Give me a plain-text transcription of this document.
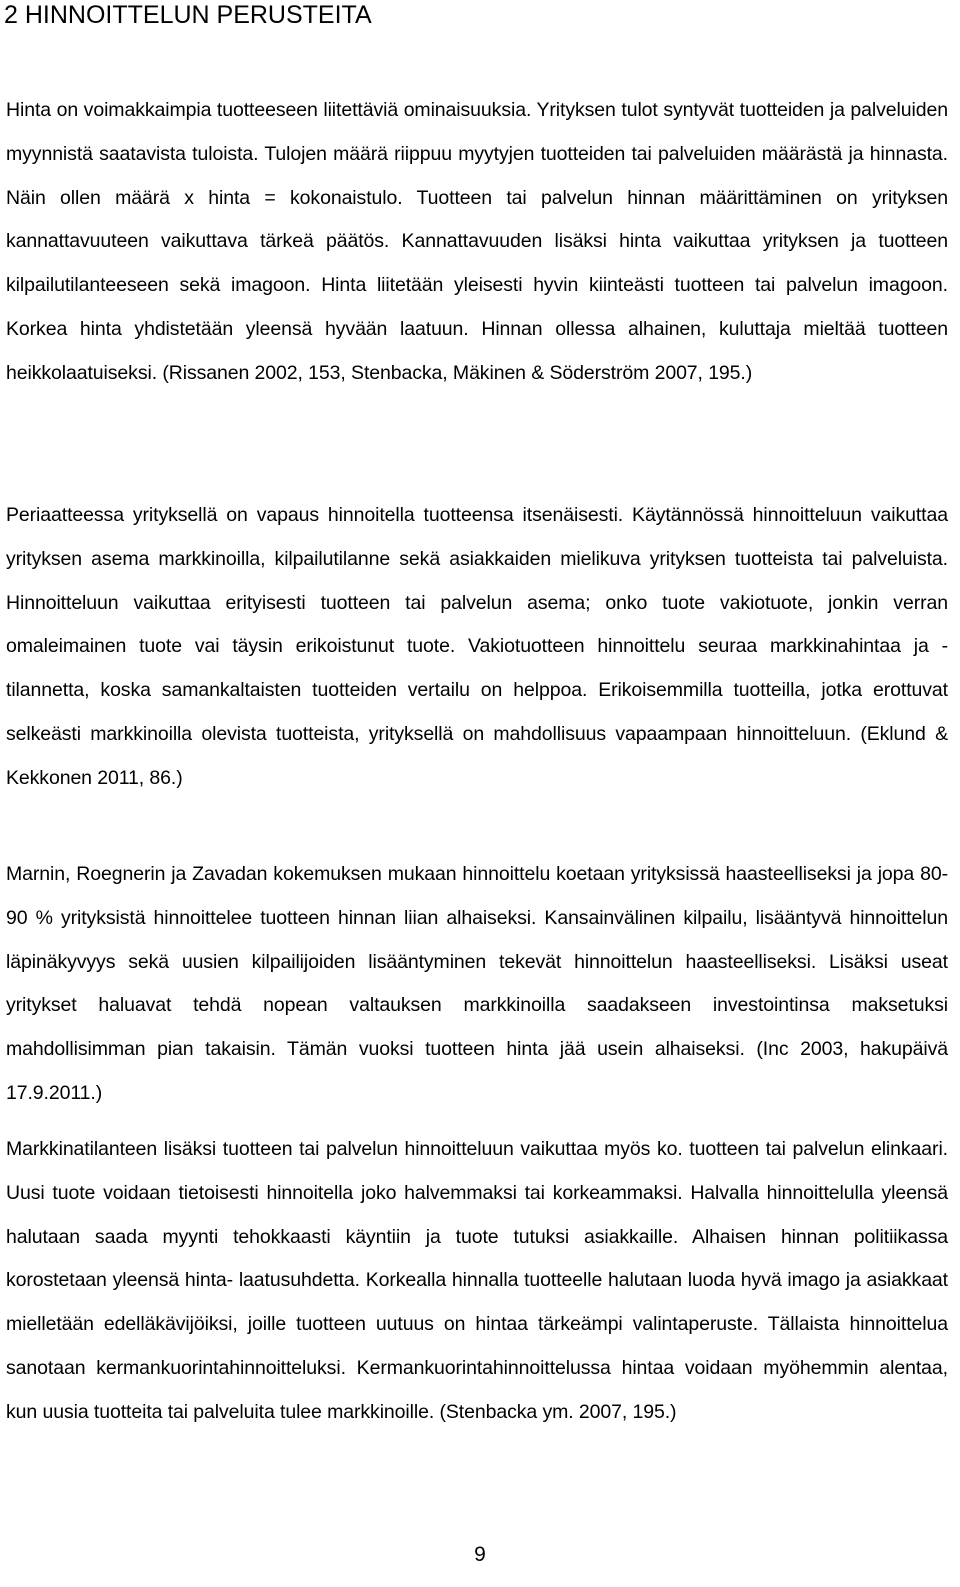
2 HINNOITTELUN PERUSTEITA

Hinta on voimakkaimpia tuotteeseen liitettäviä ominaisuuksia. Yrityksen tulot syntyvät tuotteiden ja palveluiden myynnistä saatavista tuloista. Tulojen määrä riippuu myytyjen tuotteiden tai palveluiden määrästä ja hinnasta. Näin ollen määrä x hinta = kokonaistulo. Tuotteen tai palvelun hinnan määrittäminen on yrityksen kannattavuuteen vaikuttava tärkeä päätös. Kannattavuuden lisäksi hinta vaikuttaa yrityksen ja tuotteen kilpailutilanteeseen sekä imagoon. Hinta liitetään yleisesti hyvin kiinteästi tuotteen tai palvelun imagoon. Korkea hinta yhdistetään yleensä hyvään laatuun. Hinnan ollessa alhainen, kuluttaja mieltää tuotteen heikkolaatuiseksi. (Rissanen 2002, 153, Stenbacka, Mäkinen & Söderström 2007, 195.)

Periaatteessa yrityksellä on vapaus hinnoitella tuotteensa itsenäisesti. Käytännössä hinnoitteluun vaikuttaa yrityksen asema markkinoilla, kilpailutilanne sekä asiakkaiden mielikuva yrityksen tuotteista tai palveluista. Hinnoitteluun vaikuttaa erityisesti tuotteen tai palvelun asema; onko tuote vakiotuote, jonkin verran omaleimainen tuote vai täysin erikoistunut tuote. Vakiotuotteen hinnoittelu seuraa markkinahintaa ja -tilannetta, koska samankaltaisten tuotteiden vertailu on helppoa. Erikoisemmilla tuotteilla, jotka erottuvat selkeästi markkinoilla olevista tuotteista, yrityksellä on mahdollisuus vapaampaan hinnoitteluun. (Eklund & Kekkonen 2011, 86.)

Marnin, Roegnerin ja Zavadan kokemuksen mukaan hinnoittelu koetaan yrityksissä haasteelliseksi ja jopa 80- 90 % yrityksistä hinnoittelee tuotteen hinnan liian alhaiseksi. Kansainvälinen kilpailu, lisääntyvä hinnoittelun läpinäkyvyys sekä uusien kilpailijoiden lisääntyminen tekevät hinnoittelun haasteelliseksi. Lisäksi useat yritykset haluavat tehdä nopean valtauksen markkinoilla saadakseen investointinsa maksetuksi mahdollisimman pian takaisin. Tämän vuoksi tuotteen hinta jää usein alhaiseksi. (Inc 2003, hakupäivä 17.9.2011.)

Markkinatilanteen lisäksi tuotteen tai palvelun hinnoitteluun vaikuttaa myös ko. tuotteen tai palvelun elinkaari. Uusi tuote voidaan tietoisesti hinnoitella joko halvemmaksi tai korkeammaksi. Halvalla hinnoittelulla yleensä halutaan saada myynti tehokkaasti käyntiin ja tuote tutuksi asiakkaille. Alhaisen hinnan politiikassa korostetaan yleensä hinta- laatusuhdetta. Korkealla hinnalla tuotteelle halutaan luoda hyvä imago ja asiakkaat mielletään edelläkävijöiksi, joille tuotteen uutuus on hintaa tärkeämpi valintaperuste. Tällaista hinnoittelua sanotaan kermankuorintahinnoitteluksi. Kermankuorintahinnoittelussa hintaa voidaan myöhemmin alentaa, kun uusia tuotteita tai palveluita tulee markkinoille. (Stenbacka ym. 2007, 195.)

9
